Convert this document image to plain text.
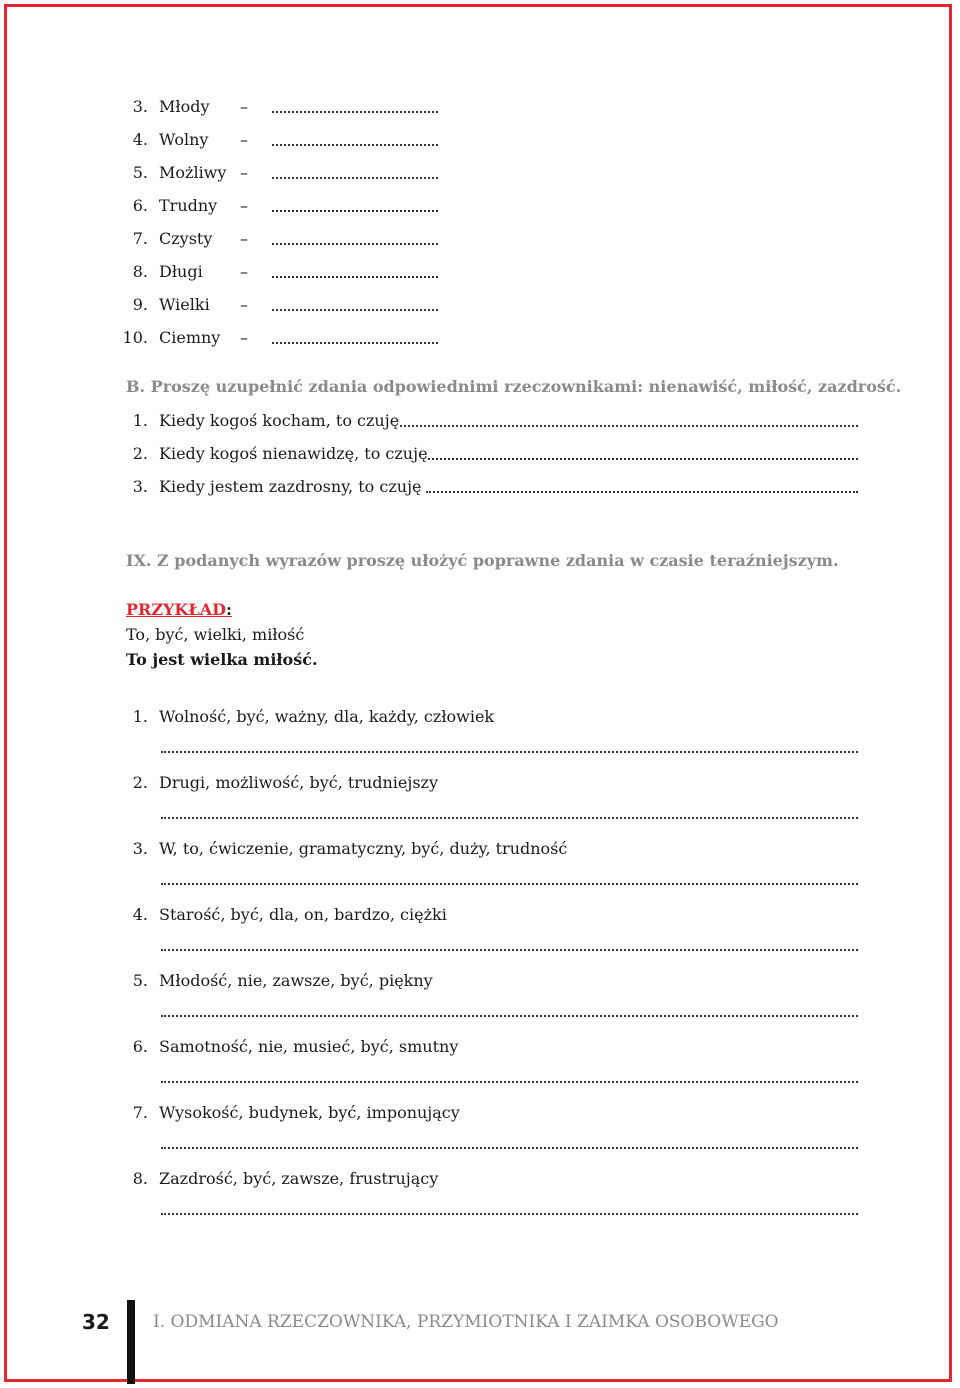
3. Młody –
4. Wolny –
5. Możliwy –
6. Trudny –
7. Czysty –
8. Długi –
9. Wielki –
10. Ciemny –
B. Proszę uzupełnić zdania odpowiednimi rzeczownikami: nienawiść, miłość, zazdrość.
1. Kiedy kogoś kocham, to czuję
2. Kiedy kogoś nienawidzę, to czuję
3. Kiedy jestem zazdrosny, to czuję
IX. Z podanych wyrazów proszę ułożyć poprawne zdania w czasie teraźniejszym.
PRZYKŁAD:
To, być, wielki, miłość
To jest wielka miłość.
1. Wolność, być, ważny, dla, każdy, człowiek
2. Drugi, możliwość, być, trudniejszy
3. W, to, ćwiczenie, gramatyczny, być, duży, trudność
4. Starość, być, dla, on, bardzo, ciężki
5. Młodość, nie, zawsze, być, piękny
6. Samotność, nie, musieć, być, smutny
7. Wysokość, budynek, być, imponujący
8. Zazdrość, być, zawsze, frustrujący
32	I. ODMIANA RZECZOWNIKA, PRZYMIOTNIKA I ZAIMKA OSOBOWEGO
